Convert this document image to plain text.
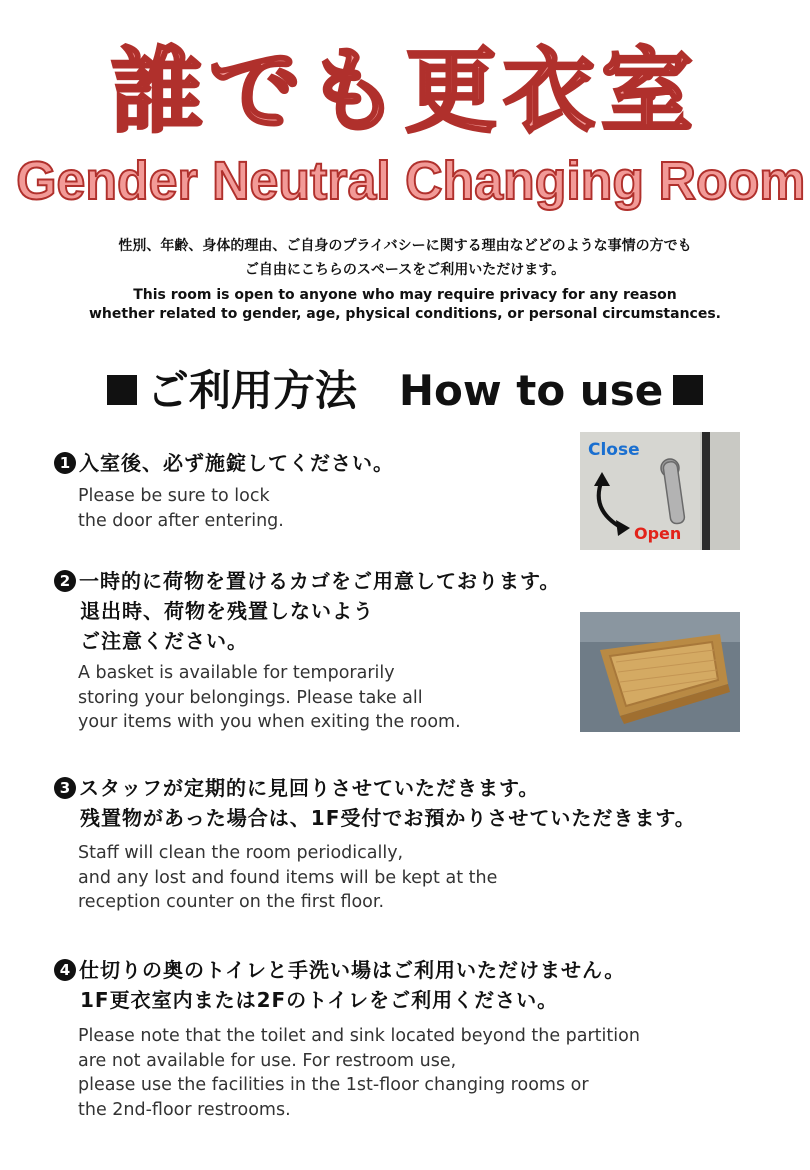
誰でも更衣室
Gender Neutral Changing Room
性別、年齢、身体的理由、ご自身のプライバシーに関する理由などどのような事情の方でも
ご自由にこちらのスペースをご利用いただけます。
This room is open to anyone who may require privacy for any reason
whether related to gender, age, physical conditions, or personal circumstances.
ご利用方法　How to use
1 入室後、必ず施錠してください。
Please be sure to lock
the door after entering.
Close
Open
2 一時的に荷物を置けるカゴをご用意しております。
退出時、荷物を残置しないよう
ご注意ください。
A basket is available for temporarily
storing your belongings. Please take all
your items with you when exiting the room.
3 スタッフが定期的に見回りさせていただきます。
残置物があった場合は、1F受付でお預かりさせていただきます。
Staff will clean the room periodically,
and any lost and found items will be kept at the
reception counter on the first floor.
4 仕切りの奥のトイレと手洗い場はご利用いただけません。
1F更衣室内または2Fのトイレをご利用ください。
Please note that the toilet and sink located beyond the partition
are not available for use. For restroom use,
please use the facilities in the 1st-floor changing rooms or
the 2nd-floor restrooms.
